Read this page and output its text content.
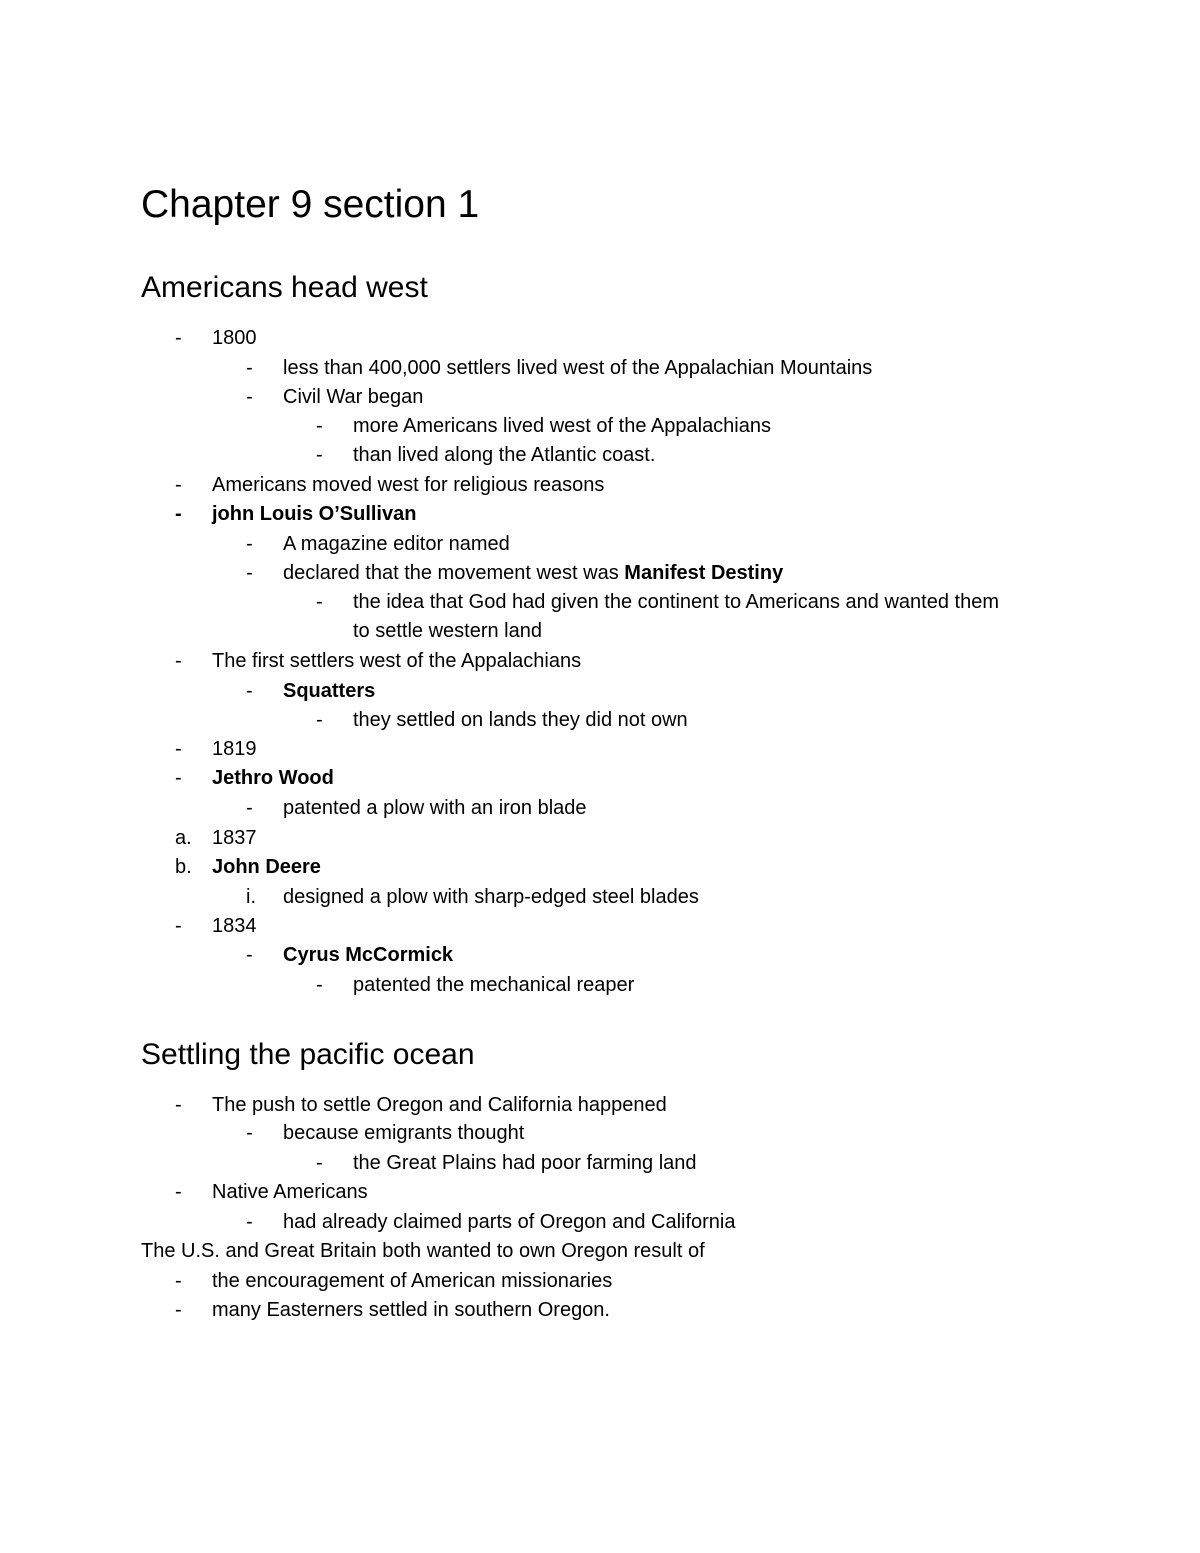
Chapter 9 section 1
Americans head west
- 1800
- less than 400,000 settlers lived west of the Appalachian Mountains
- Civil War began
- more Americans lived west of the Appalachians
- than lived along the Atlantic coast.
- Americans moved west for religious reasons
- john Louis O’Sullivan
- A magazine editor named
- declared that the movement west was Manifest Destiny
- the idea that God had given the continent to Americans and wanted them
to settle western land
- The first settlers west of the Appalachians
- Squatters
- they settled on lands they did not own
- 1819
- Jethro Wood
- patented a plow with an iron blade
a. 1837
b. John Deere
i. designed a plow with sharp-edged steel blades
- 1834
- Cyrus McCormick
- patented the mechanical reaper
Settling the pacific ocean
- The push to settle Oregon and California happened
- because emigrants thought
- the Great Plains had poor farming land
- Native Americans
- had already claimed parts of Oregon and California
The U.S. and Great Britain both wanted to own Oregon result of
- the encouragement of American missionaries
- many Easterners settled in southern Oregon.
